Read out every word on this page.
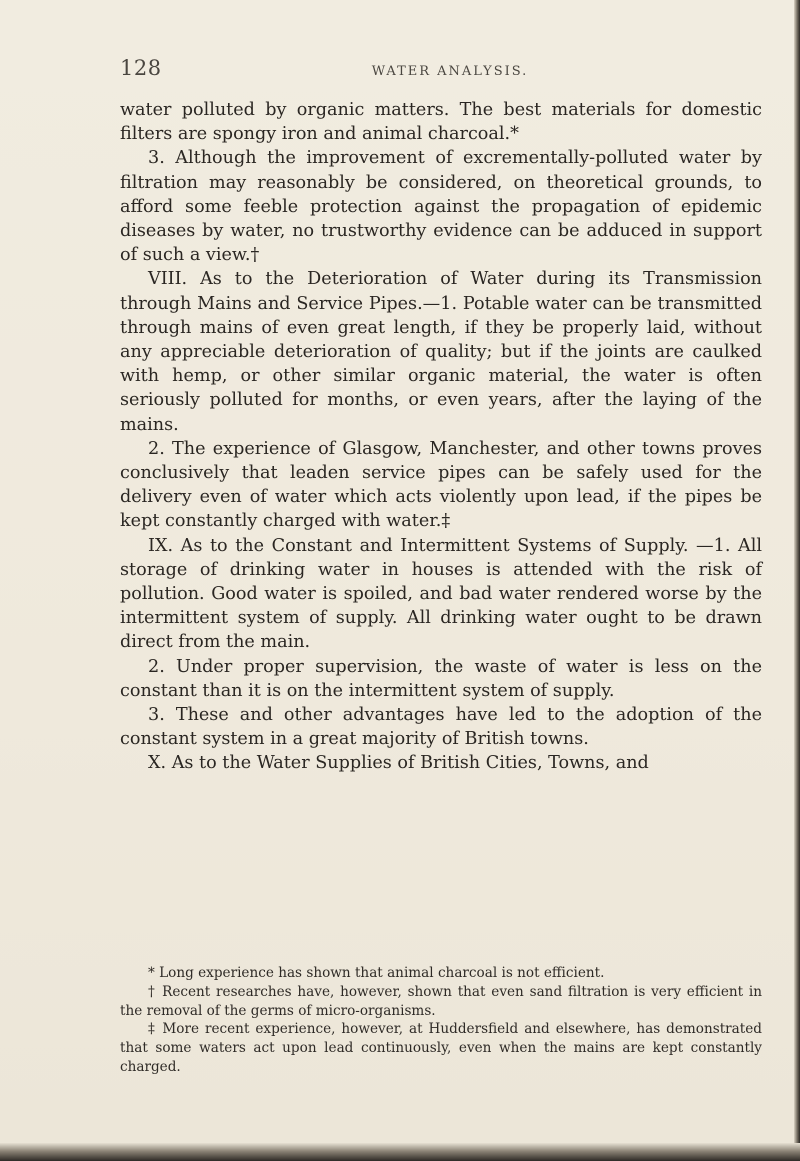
128	WATER ANALYSIS.

water polluted by organic matters. The best materials for domestic filters are spongy iron and animal charcoal.*

3. Although the improvement of excrementally-polluted water by filtration may reasonably be considered, on theoretical grounds, to afford some feeble protection against the propagation of epidemic diseases by water, no trustworthy evidence can be adduced in support of such a view.†

VIII. As to the Deterioration of Water during its Transmission through Mains and Service Pipes.—1. Potable water can be transmitted through mains of even great length, if they be properly laid, without any appreciable deterioration of quality; but if the joints are caulked with hemp, or other similar organic material, the water is often seriously polluted for months, or even years, after the laying of the mains.

2. The experience of Glasgow, Manchester, and other towns proves conclusively that leaden service pipes can be safely used for the delivery even of water which acts violently upon lead, if the pipes be kept constantly charged with water.‡

IX. As to the Constant and Intermittent Systems of Supply. —1. All storage of drinking water in houses is attended with the risk of pollution. Good water is spoiled, and bad water rendered worse by the intermittent system of supply. All drinking water ought to be drawn direct from the main.

2. Under proper supervision, the waste of water is less on the constant than it is on the intermittent system of supply.

3. These and other advantages have led to the adoption of the constant system in a great majority of British towns.

X. As to the Water Supplies of British Cities, Towns, and

* Long experience has shown that animal charcoal is not efficient.

† Recent researches have, however, shown that even sand filtration is very efficient in the removal of the germs of micro-organisms.

‡ More recent experience, however, at Huddersfield and elsewhere, has demonstrated that some waters act upon lead continuously, even when the mains are kept constantly charged.
